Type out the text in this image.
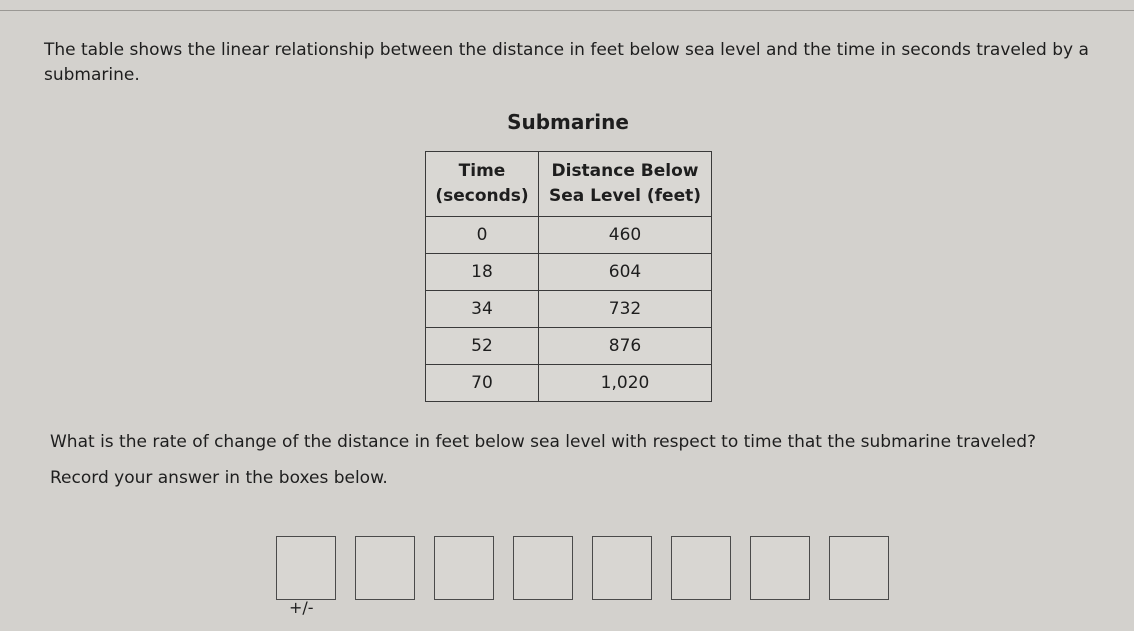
The table shows the linear relationship between the distance in feet below sea level and the time in seconds traveled by a submarine.

Submarine

Time (seconds)	Distance Below Sea Level (feet)
0	460
18	604
34	732
52	876
70	1,020

What is the rate of change of the distance in feet below sea level with respect to time that the submarine traveled?

Record your answer in the boxes below.

+/-
